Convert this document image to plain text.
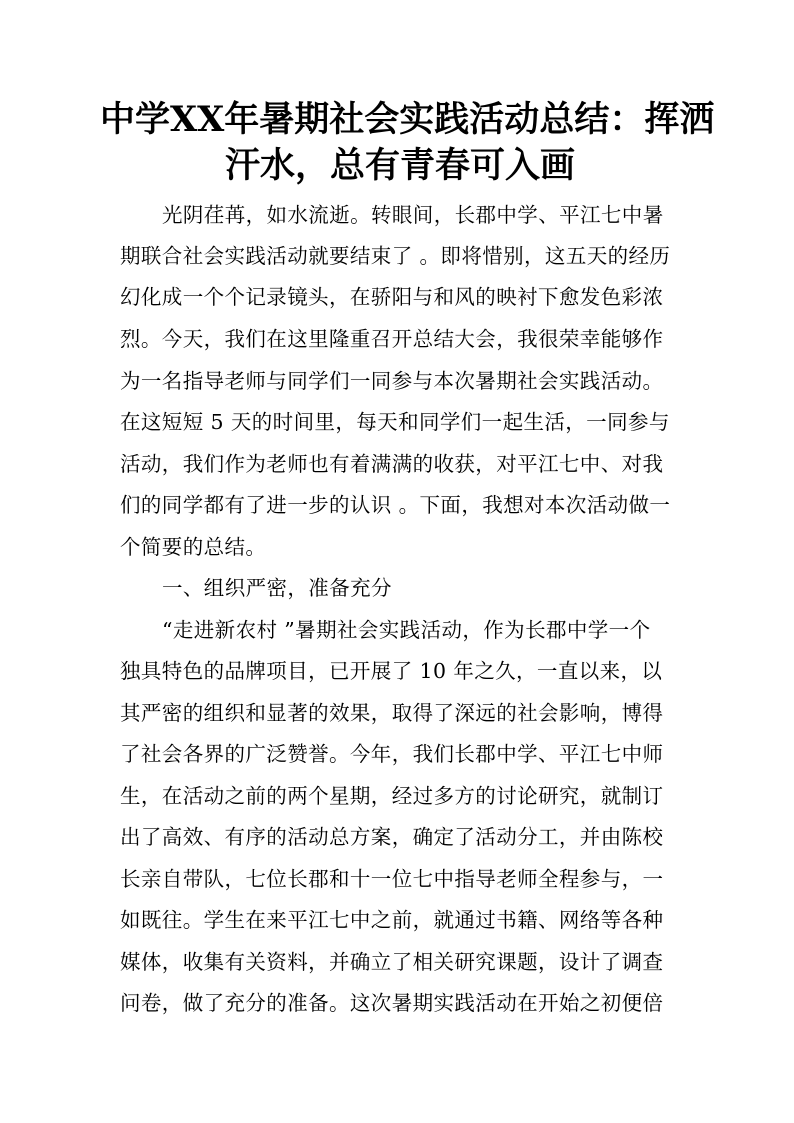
中学XX年暑期社会实践活动总结：挥洒
汗水，总有青春可入画

光阴荏苒，如水流逝。转眼间，长郡中学、平江七中暑

期联合社会实践活动就要结束了 。即将惜别，这五天的经历

幻化成一个个记录镜头，在骄阳与和风的映衬下愈发色彩浓

烈。今天，我们在这里隆重召开总结大会，我很荣幸能够作

为一名指导老师与同学们一同参与本次暑期社会实践活动。

在这短短 5 天的时间里，每天和同学们一起生活，一同参与

活动，我们作为老师也有着满满的收获，对平江七中、对我

们的同学都有了进一步的认识 。下面，我想对本次活动做一

个简要的总结。

一、组织严密，准备充分

“走进新农村 ”暑期社会实践活动，作为长郡中学一个

独具特色的品牌项目，已开展了 10 年之久，一直以来，以

其严密的组织和显著的效果，取得了深远的社会影响，博得

了社会各界的广泛赞誉。今年，我们长郡中学、平江七中师

生，在活动之前的两个星期，经过多方的讨论研究，就制订

出了高效、有序的活动总方案，确定了活动分工，并由陈校

长亲自带队，七位长郡和十一位七中指导老师全程参与，一

如既往。学生在来平江七中之前，就通过书籍、网络等各种

媒体，收集有关资料，并确立了相关研究课题，设计了调查

问卷，做了充分的准备。这次暑期实践活动在开始之初便倍
